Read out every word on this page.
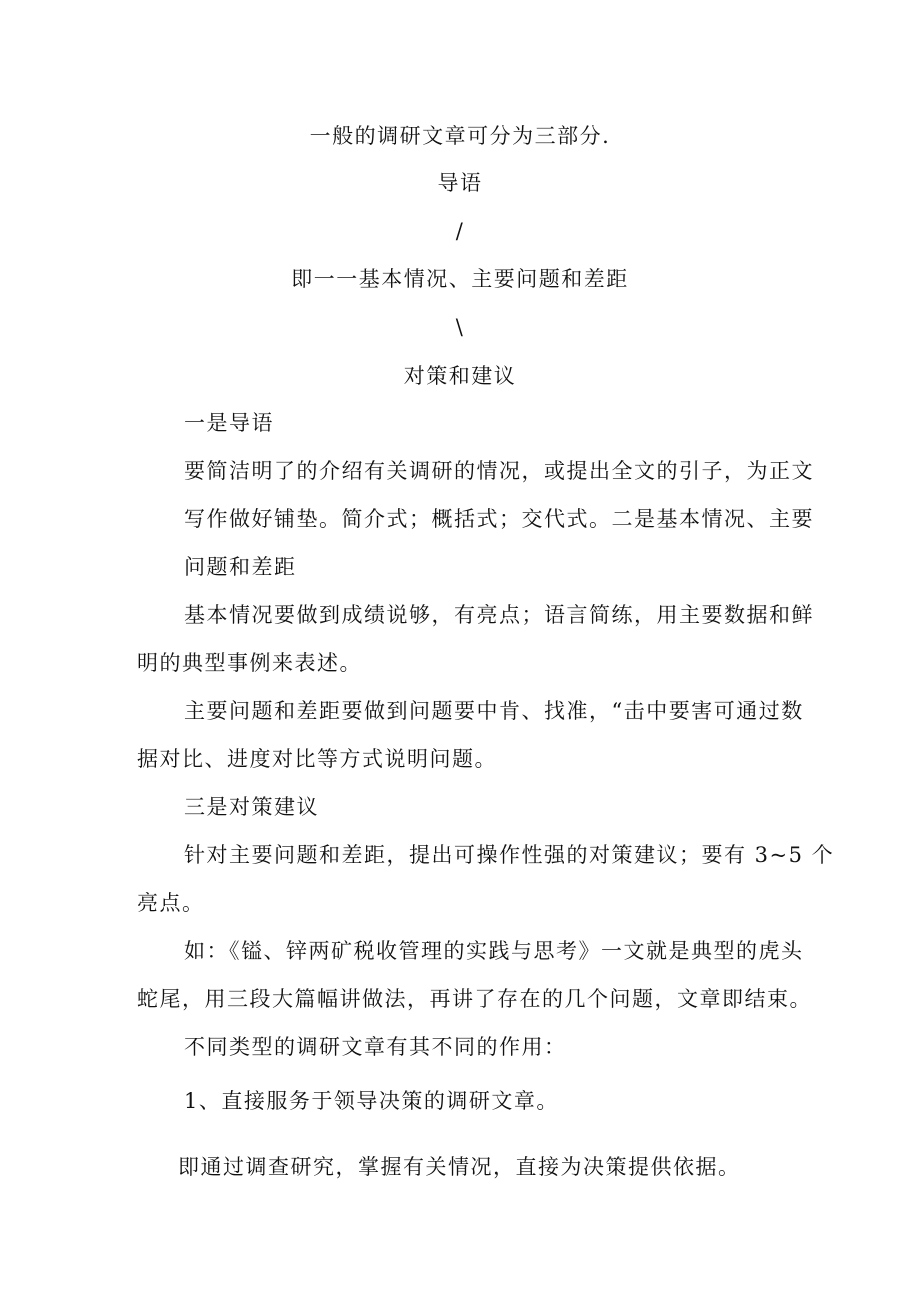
一般的调研文章可分为三部分.
导语
/
即一一基本情况、主要问题和差距
\
对策和建议
一是导语
要简洁明了的介绍有关调研的情况，或提出全文的引子，为正文
写作做好铺垫。简介式；概括式；交代式。二是基本情况、主要
问题和差距
基本情况要做到成绩说够，有亮点；语言简练，用主要数据和鲜
明的典型事例来表述。
主要问题和差距要做到问题要中肯、找准，“击中要害可通过数
据对比、进度对比等方式说明问题。
三是对策建议
针对主要问题和差距，提出可操作性强的对策建议；要有 3~5 个
亮点。
如：《镒、锌两矿税收管理的实践与思考》一文就是典型的虎头
蛇尾，用三段大篇幅讲做法，再讲了存在的几个问题，文章即结束。
不同类型的调研文章有其不同的作用：
1、直接服务于领导决策的调研文章。
即通过调查研究，掌握有关情况，直接为决策提供依据。
